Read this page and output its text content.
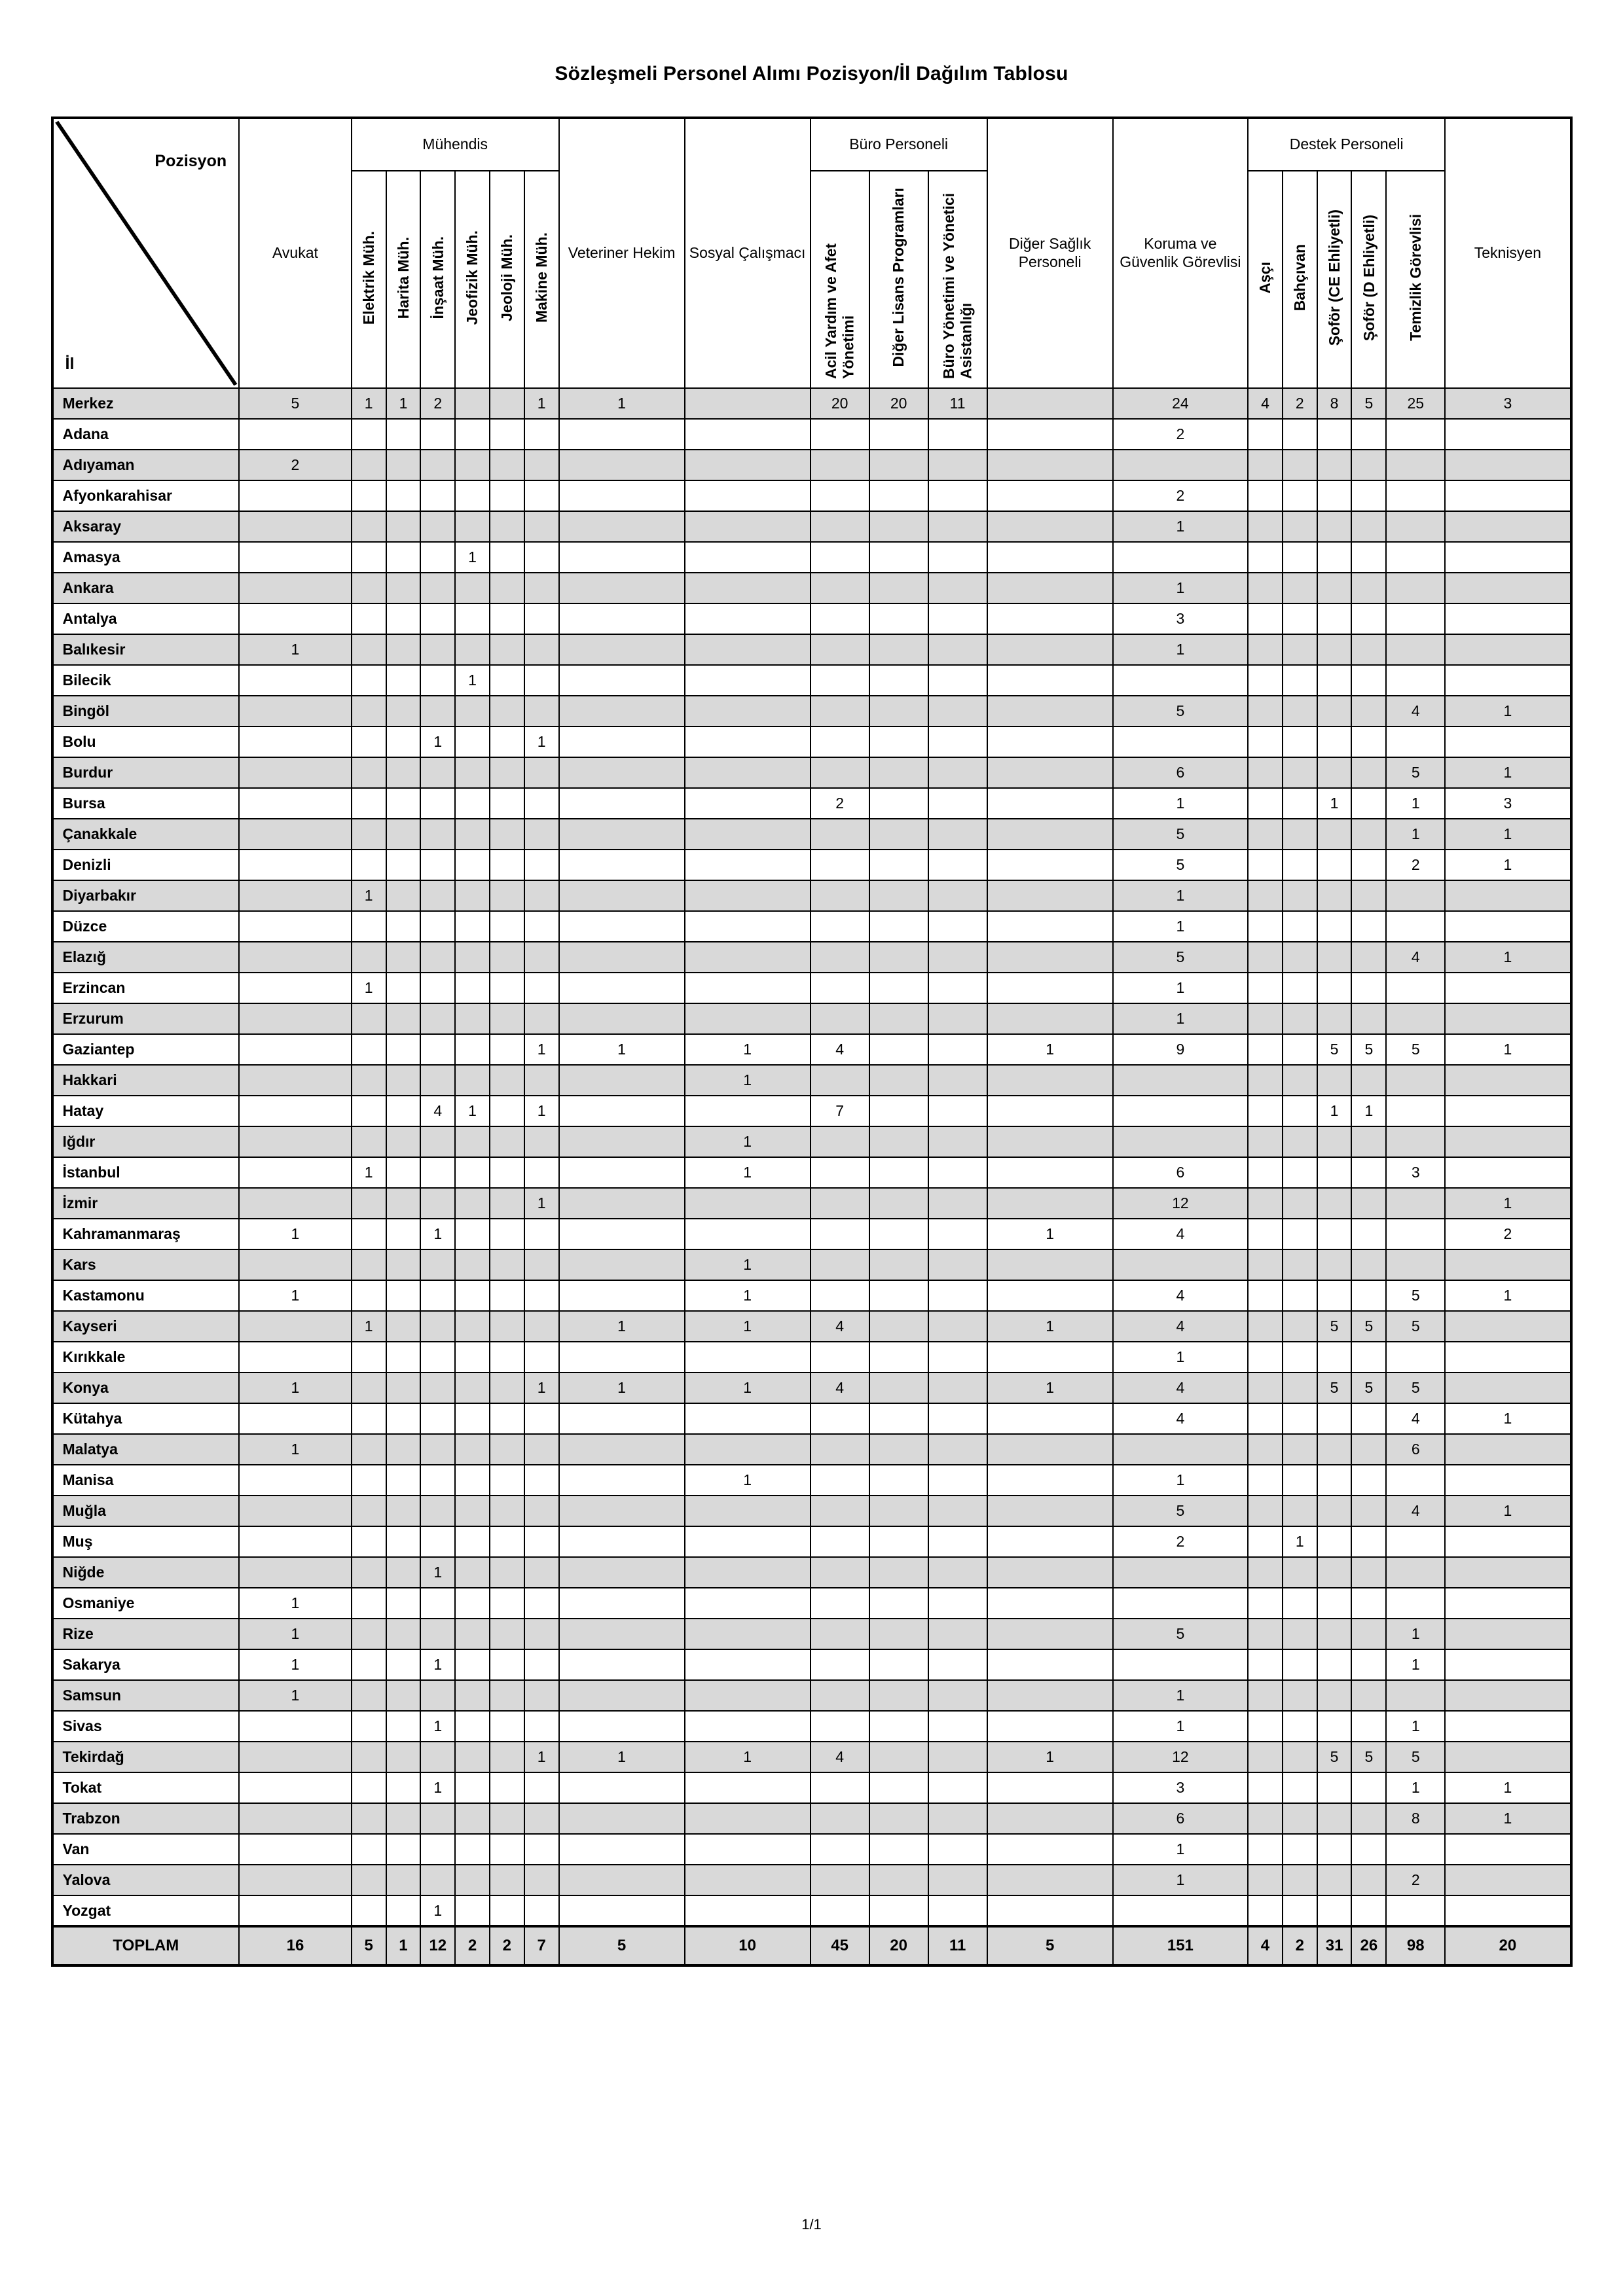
Sözleşmeli Personel Alımı Pozisyon/İl Dağılım Tablosu
Pozisyon
İl	Avukat	Mühendis						Veteriner Hekim	Sosyal Çalışmacı	Büro Personeli			Diğer Sağlık Personeli	Koruma ve Güvenlik Görevlisi	Destek Personeli					Teknisyen
		Elektrik Müh.	Harita Müh.	İnşaat Müh.	Jeofizik Müh.	Jeoloji Müh.	Makine Müh.			Acil Yardım ve Afet Yönetimi	Diğer Lisans Programları	Büro Yönetimi ve Yönetici Asistanlığı			Aşçı	Bahçıvan	Şoför (CE Ehliyetli)	Şoför (D Ehliyetli)	Temizlik Görevlisi	
Merkez	5	1	1	2			1	1		20	20	11		24	4	2	8	5	25	3
Adana														2						
Adıyaman	2																			
Afyonkarahisar														2						
Aksaray														1						
Amasya					1															
Ankara														1						
Antalya														3						
Balıkesir	1													1						
Bilecik					1															
Bingöl														5					4	1
Bolu				1			1													
Burdur														6					5	1
Bursa										2				1			1		1	3
Çanakkale														5					1	1
Denizli														5					2	1
Diyarbakır		1												1						
Düzce														1						
Elazığ														5					4	1
Erzincan		1												1						
Erzurum														1						
Gaziantep							1	1	1	4			1	9			5	5	5	1
Hakkari									1											
Hatay				4	1		1			7							1	1		
Iğdır									1											
İstanbul		1							1					6					3	
İzmir							1							12						1
Kahramanmaraş	1			1									1	4						2
Kars									1											
Kastamonu	1								1					4					5	1
Kayseri		1						1	1	4			1	4			5	5	5	
Kırıkkale														1						
Konya	1						1	1	1	4			1	4			5	5	5	
Kütahya														4					4	1
Malatya	1																		6	
Manisa									1					1						
Muğla														5					4	1
Muş														2		1				
Niğde				1																
Osmaniye	1																			
Rize	1													5					1	
Sakarya	1			1															1	
Samsun	1													1						
Sivas				1										1					1	
Tekirdağ							1	1	1	4			1	12			5	5	5	
Tokat				1										3					1	1
Trabzon														6					8	1
Van														1						
Yalova														1					2	
Yozgat				1																
TOPLAM	16	5	1	12	2	2	7	5	10	45	20	11	5	151	4	2	31	26	98	20
1/1
